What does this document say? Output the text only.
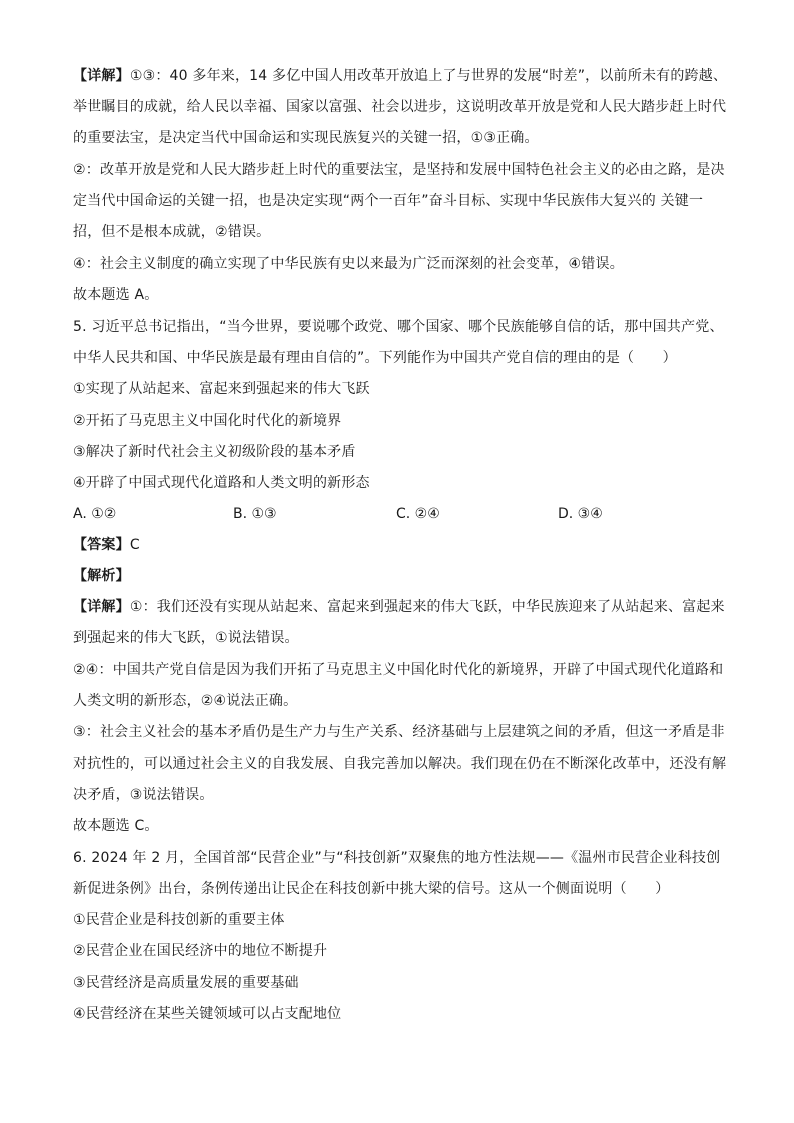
【详解】①③：40 多年来，14 多亿中国人用改革开放追上了与世界的发展“时差”，以前所未有的跨越、
举世瞩目的成就，给人民以幸福、国家以富强、社会以进步，这说明改革开放是党和人民大踏步赶上时代
的重要法宝，是决定当代中国命运和实现民族复兴的关键一招，①③正确。
②：改革开放是党和人民大踏步赶上时代的重要法宝，是坚持和发展中国特色社会主义的必由之路，是决
定当代中国命运的关键一招，也是决定实现“两个一百年”奋斗目标、实现中华民族伟大复兴的 关键一
招，但不是根本成就，②错误。
④：社会主义制度的确立实现了中华民族有史以来最为广泛而深刻的社会变革，④错误。
故本题选 A。
5. 习近平总书记指出，“当今世界，要说哪个政党、哪个国家、哪个民族能够自信的话，那中国共产党、
中华人民共和国、中华民族是最有理由自信的”。下列能作为中国共产党自信的理由的是（　　）
①实现了从站起来、富起来到强起来的伟大飞跃
②开拓了马克思主义中国化时代化的新境界
③解决了新时代社会主义初级阶段的基本矛盾
④开辟了中国式现代化道路和人类文明的新形态
A. ①②	B. ①③	C. ②④	D. ③④
【答案】C
【解析】
【详解】①：我们还没有实现从站起来、富起来到强起来的伟大飞跃，中华民族迎来了从站起来、富起来
到强起来的伟大飞跃，①说法错误。
②④：中国共产党自信是因为我们开拓了马克思主义中国化时代化的新境界，开辟了中国式现代化道路和
人类文明的新形态，②④说法正确。
③：社会主义社会的基本矛盾仍是生产力与生产关系、经济基础与上层建筑之间的矛盾，但这一矛盾是非
对抗性的，可以通过社会主义的自我发展、自我完善加以解决。我们现在仍在不断深化改革中，还没有解
决矛盾，③说法错误。
故本题选 C。
6. 2024 年 2 月，全国首部“民营企业”与“科技创新”双聚焦的地方性法规——《温州市民营企业科技创
新促进条例》出台，条例传递出让民企在科技创新中挑大梁的信号。这从一个侧面说明（　　）
①民营企业是科技创新的重要主体
②民营企业在国民经济中的地位不断提升
③民营经济是高质量发展的重要基础
④民营经济在某些关键领域可以占支配地位
